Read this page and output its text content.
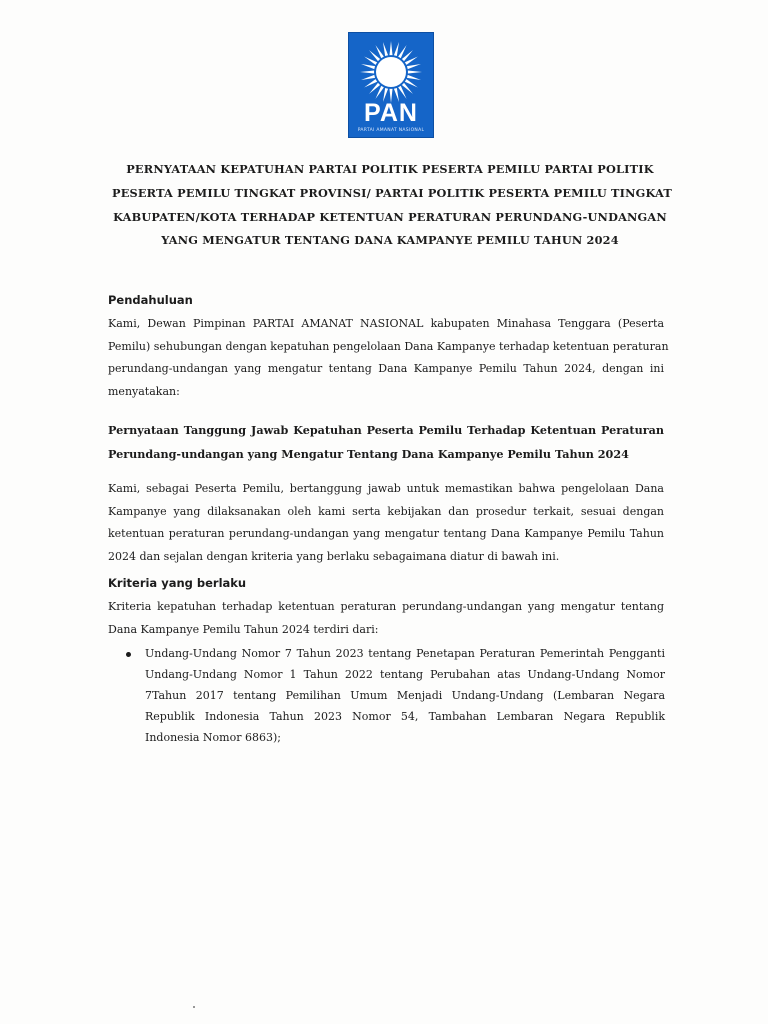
PAN
PARTAI AMANAT NASIONAL
PERNYATAAN KEPATUHAN PARTAI POLITIK PESERTA PEMILU PARTAI POLITIK
PESERTA PEMILU TINGKAT PROVINSI/ PARTAI POLITIK PESERTA PEMILU TINGKAT
KABUPATEN/KOTA TERHADAP KETENTUAN PERATURAN PERUNDANG-UNDANGAN
YANG MENGATUR TENTANG DANA KAMPANYE PEMILU TAHUN 2024
Pendahuluan
Kami, Dewan Pimpinan PARTAI AMANAT NASIONAL kabupaten Minahasa Tenggara (Peserta
Pemilu) sehubungan dengan kepatuhan pengelolaan Dana Kampanye terhadap ketentuan peraturan
perundang-undangan yang mengatur tentang Dana Kampanye Pemilu Tahun 2024, dengan ini
menyatakan:
Pernyataan Tanggung Jawab Kepatuhan Peserta Pemilu Terhadap Ketentuan Peraturan
Perundang-undangan yang Mengatur Tentang Dana Kampanye Pemilu Tahun 2024
Kami, sebagai Peserta Pemilu, bertanggung jawab untuk memastikan bahwa pengelolaan Dana
Kampanye yang dilaksanakan oleh kami serta kebijakan dan prosedur terkait, sesuai dengan
ketentuan peraturan perundang-undangan yang mengatur tentang Dana Kampanye Pemilu Tahun
2024 dan sejalan dengan kriteria yang berlaku sebagaimana diatur di bawah ini.
Kriteria yang berlaku
Kriteria kepatuhan terhadap ketentuan peraturan perundang-undangan yang mengatur tentang
Dana Kampanye Pemilu Tahun 2024 terdiri dari:
Undang-Undang Nomor 7 Tahun 2023 tentang Penetapan Peraturan Pemerintah Pengganti
Undang-Undang Nomor 1 Tahun 2022 tentang Perubahan atas Undang-Undang Nomor
7Tahun 2017 tentang Pemilihan Umum Menjadi Undang-Undang (Lembaran Negara
Republik Indonesia Tahun 2023 Nomor 54, Tambahan Lembaran Negara Republik
Indonesia Nomor 6863);
